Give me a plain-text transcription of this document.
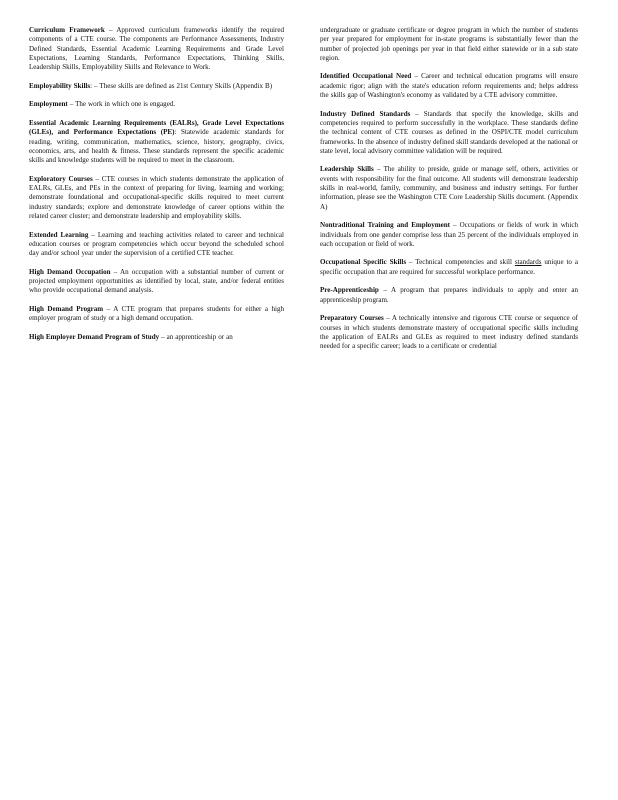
Curriculum Framework – Approved curriculum frameworks identify the required components of a CTE course. The components are Performance Assessments, Industry Defined Standards, Essential Academic Learning Requirements and Grade Level Expectations, Learning Standards, Performance Expectations, Thinking Skills, Leadership Skills, Employability Skills and Relevance to Work.

Employability Skills: – These skills are defined as 21st Century Skills (Appendix B)

Employment – The work in which one is engaged.

Essential Academic Learning Requirements (EALRs), Grade Level Expectations (GLEs), and Performance Expectations (PE): Statewide academic standards for reading, writing, communication, mathematics, science, history, geography, civics, economics, arts, and health & fitness. These standards represent the specific academic skills and knowledge students will be required to meet in the classroom.

Exploratory Courses – CTE courses in which students demonstrate the application of EALRs, GLEs, and PEs in the context of preparing for living, learning and working; demonstrate foundational and occupational-specific skills required to meet current industry standards; explore and demonstrate knowledge of career options within the related career cluster; and demonstrate leadership and employability skills.

Extended Learning – Learning and teaching activities related to career and technical education courses or program competencies which occur beyond the scheduled school day and/or school year under the supervision of a certified CTE teacher.

High Demand Occupation – An occupation with a substantial number of current or projected employment opportunities as identified by local, state, and/or federal entities who provide occupational demand analysis.

High Demand Program – A CTE program that prepares students for either a high employer program of study or a high demand occupation.

High Employer Demand Program of Study – an apprenticeship or an

undergraduate or graduate certificate or degree program in which the number of students per year prepared for employment for in-state programs is substantially fewer than the number of projected job openings per year in that field either statewide or in a sub state region.

Identified Occupational Need – Career and technical education programs will ensure academic rigor; align with the state's education reform requirements and; helps address the skills gap of Washington's economy as validated by a CTE advisory committee.

Industry Defined Standards – Standards that specify the knowledge, skills and competencies required to perform successfully in the workplace. These standards define the technical content of CTE courses as defined in the OSPI/CTE model curriculum frameworks. In the absence of industry defined skill standards developed at the national or state level, local advisory committee validation will be required.

Leadership Skills – The ability to preside, guide or manage self, others, activities or events with responsibility for the final outcome. All students will demonstrate leadership skills in real-world, family, community, and business and industry settings. For further information, please see the Washington CTE Core Leadership Skills document. (Appendix A)

Nontraditional Training and Employment – Occupations or fields of work in which individuals from one gender comprise less than 25 percent of the individuals employed in each occupation or field of work.

Occupational Specific Skills – Technical competencies and skill standards unique to a specific occupation that are required for successful workplace performance.

Pre-Apprenticeship – A program that prepares individuals to apply and enter an apprenticeship program.

Preparatory Courses – A technically intensive and rigorous CTE course or sequence of courses in which students demonstrate mastery of occupational specific skills including the application of EALRs and GLEs as required to meet industry defined standards needed for a specific career; leads to a certificate or credential
